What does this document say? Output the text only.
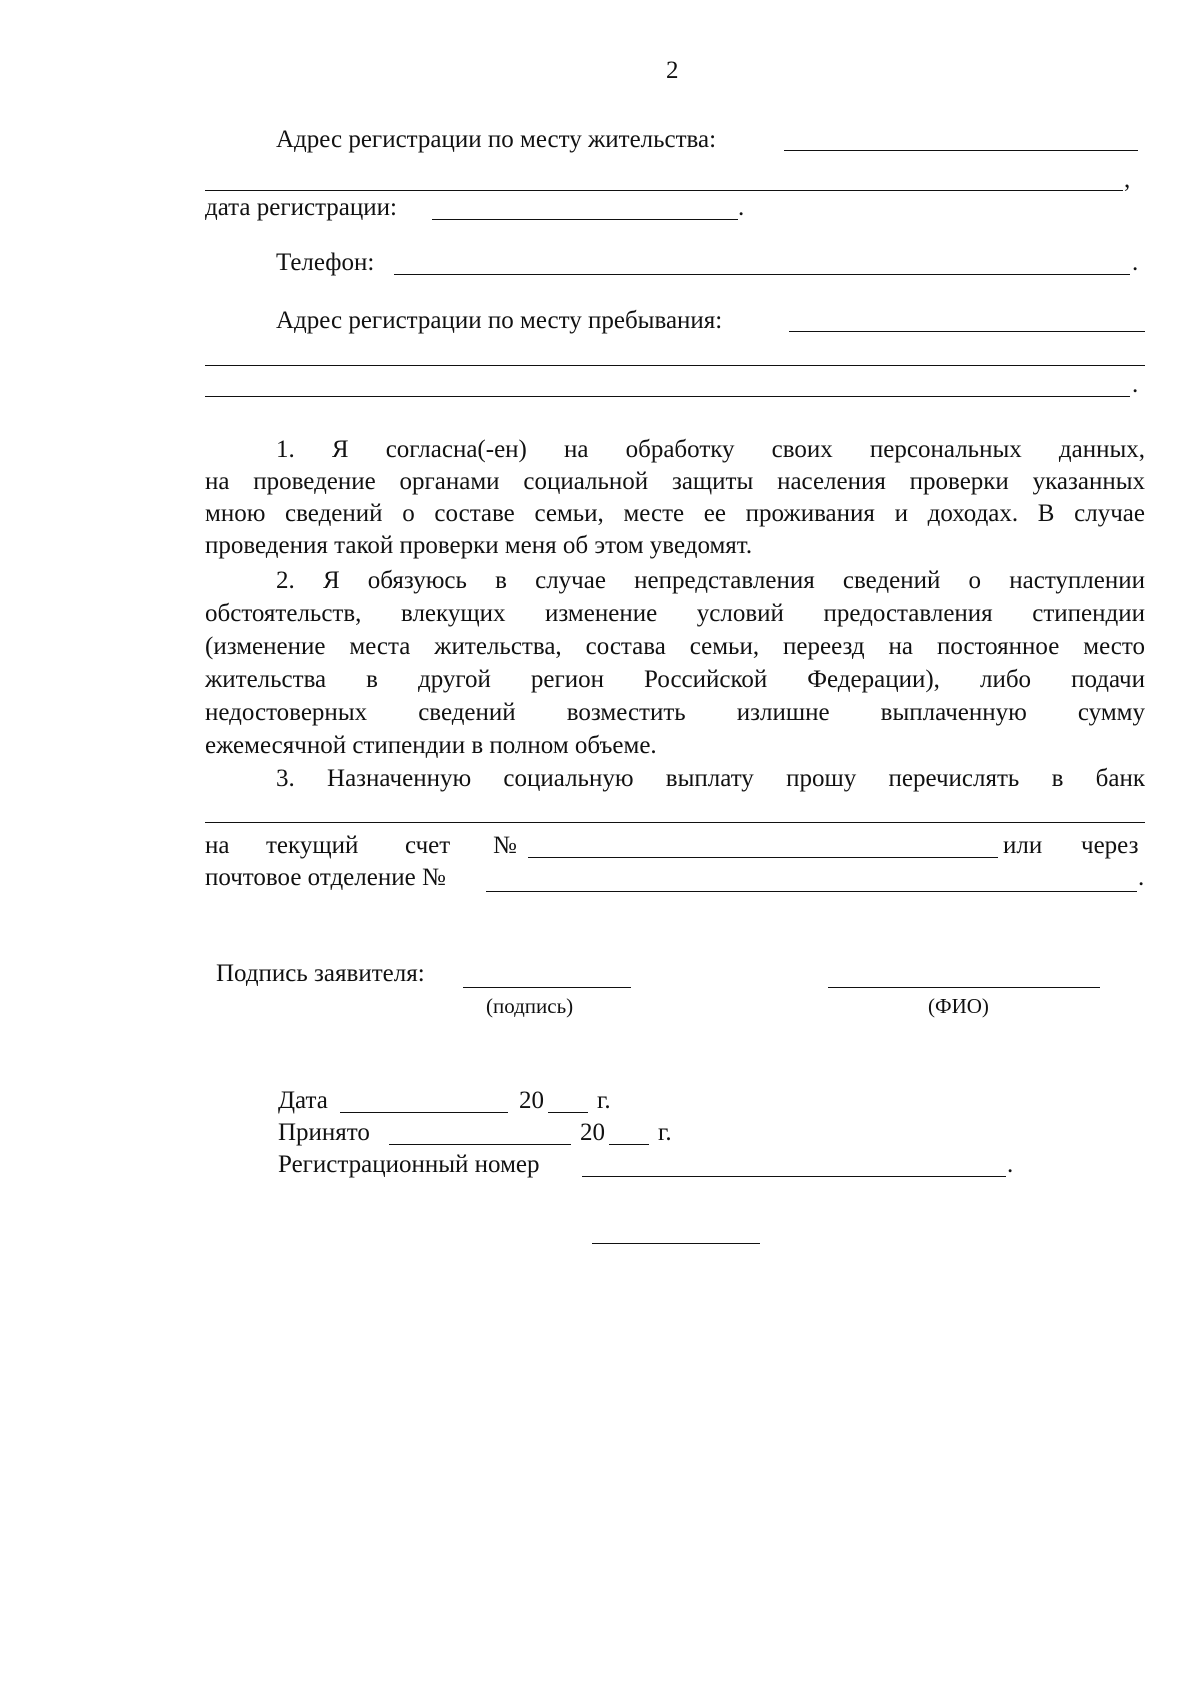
2
Адрес регистрации по месту жительства:
,
дата регистрации:	.
Телефон:	.
Адрес регистрации по месту пребывания:
.
1. Я согласна(-ен) на обработку своих персональных данных,
на проведение органами социальной защиты населения проверки указанных
мною сведений о составе семьи, месте ее проживания и доходах. В случае
проведения такой проверки меня об этом уведомят.
2. Я обязуюсь в случае непредставления сведений о наступлении
обстоятельств, влекущих изменение условий предоставления стипендии
(изменение места жительства, состава семьи, переезд на постоянное место
жительства в другой регион Российской Федерации), либо подачи
недостоверных сведений возместить излишне выплаченную сумму
ежемесячной стипендии в полном объеме.
3. Назначенную социальную выплату прошу перечислять в банк
на текущий счет №	или через
почтовое отделение №	.
Подпись заявителя:
(подпись)	(ФИО)
Дата	20 г.
Принято	20 г.
Регистрационный номер	.
